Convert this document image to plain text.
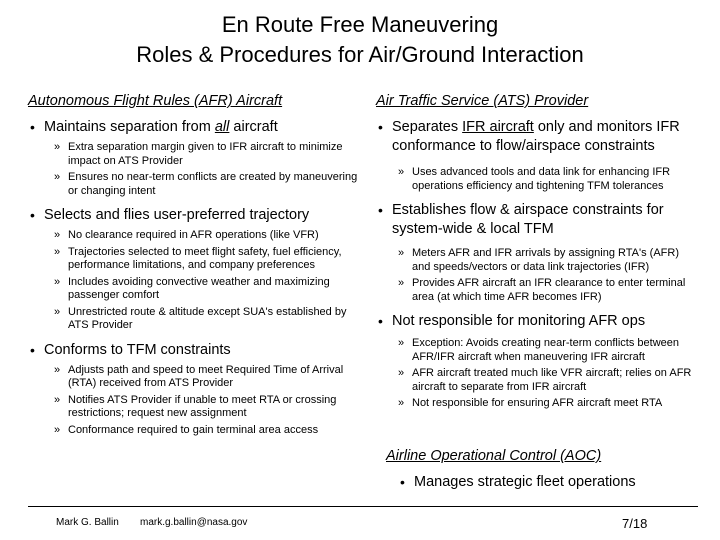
En Route Free Maneuvering
Roles & Procedures for Air/Ground Interaction
Autonomous Flight Rules (AFR) Aircraft
• Maintains separation from all aircraft
» Extra separation margin given to IFR aircraft to minimize impact on ATS Provider
» Ensures no near-term conflicts are created by maneuvering or changing intent
• Selects and flies user-preferred trajectory
» No clearance required in AFR operations (like VFR)
» Trajectories selected to meet flight safety, fuel efficiency, performance limitations, and company preferences
» Includes avoiding convective weather and maximizing passenger comfort
» Unrestricted route & altitude except SUA's established by ATS Provider
• Conforms to TFM constraints
» Adjusts path and speed to meet Required Time of Arrival (RTA) received from ATS Provider
» Notifies ATS Provider if unable to meet RTA or crossing restrictions; request new assignment
» Conformance required to gain terminal area access
Air Traffic Service (ATS) Provider
• Separates IFR aircraft only and monitors IFR conformance to flow/airspace constraints
» Uses advanced tools and data link for enhancing IFR operations efficiency and tightening TFM tolerances
• Establishes flow & airspace constraints for system-wide & local TFM
» Meters AFR and IFR arrivals by assigning RTA's (AFR) and speeds/vectors or data link trajectories (IFR)
» Provides AFR aircraft an IFR clearance to enter terminal area (at which time AFR becomes IFR)
• Not responsible for monitoring AFR ops
» Exception: Avoids creating near-term conflicts between AFR/IFR aircraft when maneuvering IFR aircraft
» AFR aircraft treated much like VFR aircraft; relies on AFR aircraft to separate from IFR aircraft
» Not responsible for ensuring AFR aircraft meet RTA
Airline Operational Control (AOC)
• Manages strategic fleet operations
Mark G. Ballin mark.g.ballin@nasa.gov	7/18
